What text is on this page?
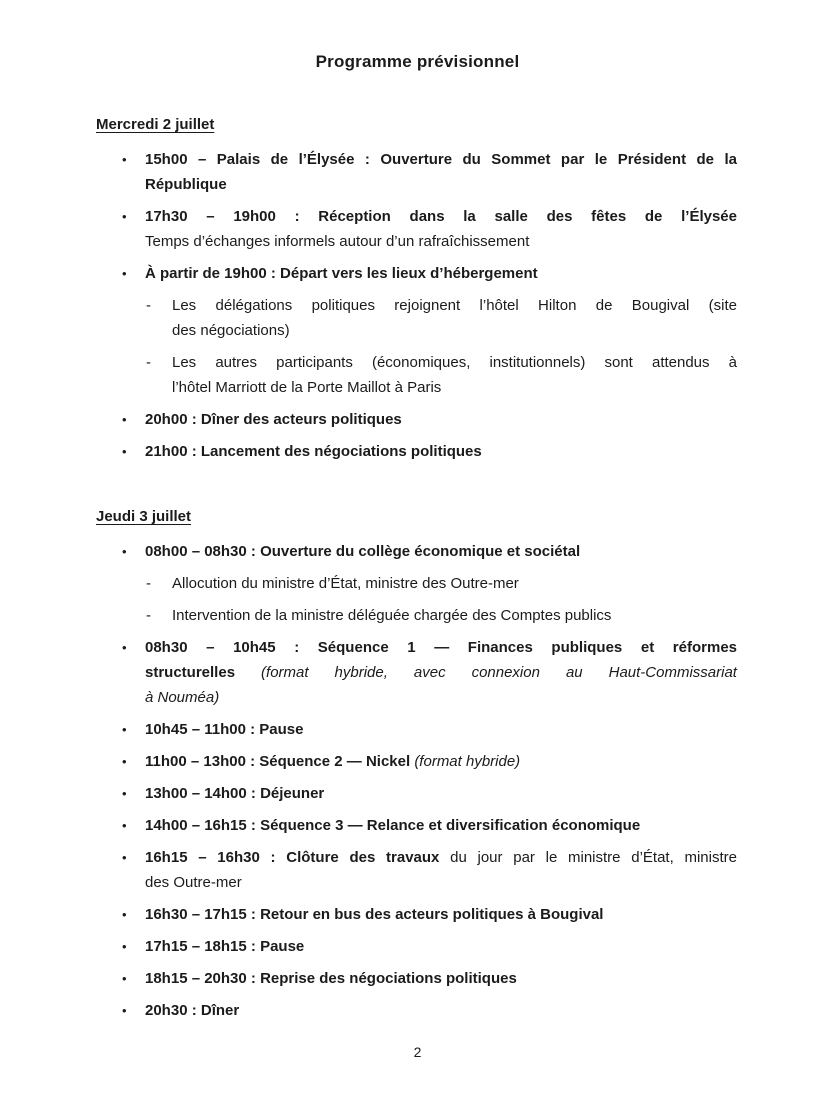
Programme prévisionnel
Mercredi 2 juillet
•	15h00 – Palais de l’Élysée : Ouverture du Sommet par le Président de la
République
•	17h30 – 19h00 : Réception dans la salle des fêtes de l’Élysée
Temps d’échanges informels autour d’un rafraîchissement
•	À partir de 19h00 : Départ vers les lieux d’hébergement
-	Les délégations politiques rejoignent l’hôtel Hilton de Bougival (site
des négociations)
-	Les autres participants (économiques, institutionnels) sont attendus à
l’hôtel Marriott de la Porte Maillot à Paris
•	20h00 : Dîner des acteurs politiques
•	21h00 : Lancement des négociations politiques
Jeudi 3 juillet
•	08h00 – 08h30 : Ouverture du collège économique et sociétal
-	Allocution du ministre d’État, ministre des Outre-mer
-	Intervention de la ministre déléguée chargée des Comptes publics
•	08h30 – 10h45 : Séquence 1 — Finances publiques et réformes
structurelles (format hybride, avec connexion au Haut-Commissariat
à Nouméa)
•	10h45 – 11h00 : Pause
•	11h00 – 13h00 : Séquence 2 — Nickel (format hybride)
•	13h00 – 14h00 : Déjeuner
•	14h00 – 16h15 : Séquence 3 — Relance et diversification économique
•	16h15 – 16h30 : Clôture des travaux du jour par le ministre d’État, ministre
des Outre-mer
•	16h30 – 17h15 : Retour en bus des acteurs politiques à Bougival
•	17h15 – 18h15 : Pause
•	18h15 – 20h30 : Reprise des négociations politiques
•	20h30 : Dîner
2
